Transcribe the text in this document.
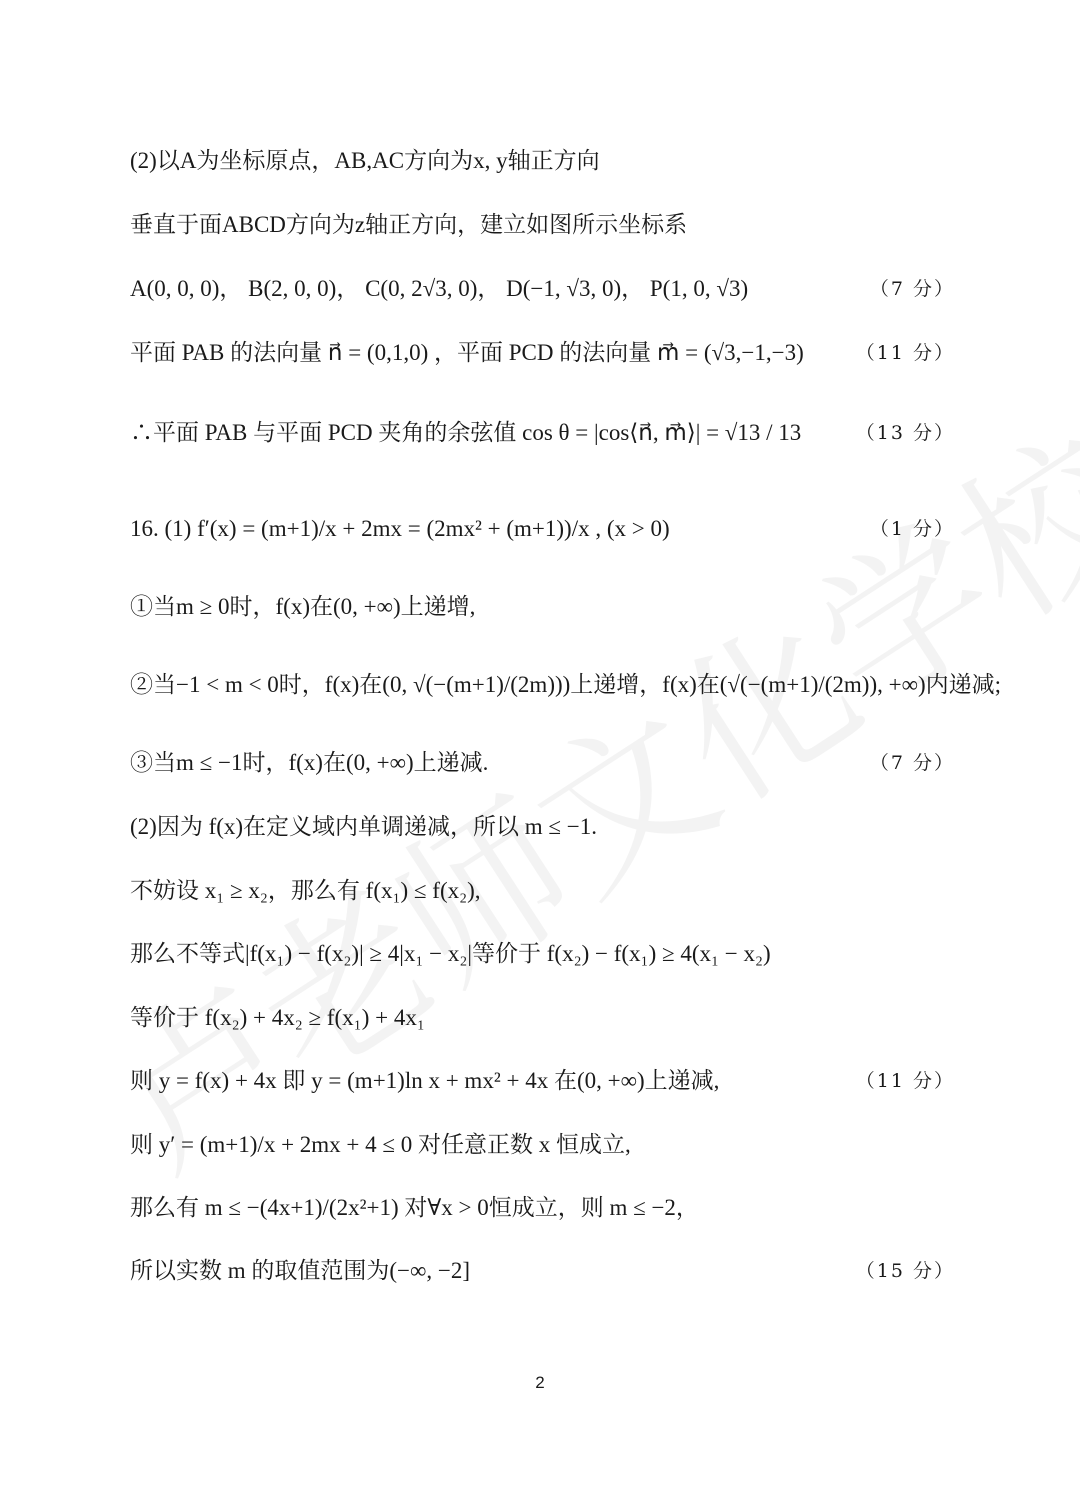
(2)以A为坐标原点，AB,AC方向为x, y轴正方向
垂直于面ABCD方向为z轴正方向，建立如图所示坐标系
A(0, 0, 0)， B(2, 0, 0)， C(0, 2√3, 0)， D(−1, √3, 0)， P(1, 0, √3)	（7 分）
平面 PAB 的法向量 n⃗ = (0,1,0) ，平面 PCD 的法向量 m⃗ = (√3,−1,−3)	（11 分）
∴平面 PAB 与平面 PCD 夹角的余弦值 cos θ = |cos⟨n⃗, m⃗⟩| = √13 / 13	（13 分）
16. (1) f′(x) = (m+1)/x + 2mx = (2mx² + (m+1))/x , (x > 0)	（1 分）
①当m ≥ 0时，f(x)在(0, +∞)上递增,
②当−1 < m < 0时，f(x)在(0, √(−(m+1)/(2m)))上递增，f(x)在(√(−(m+1)/(2m)), +∞)内递减;
③当m ≤ −1时，f(x)在(0, +∞)上递减.	（7 分）
(2)因为 f(x)在定义域内单调递减，所以 m ≤ −1.
不妨设 x₁ ≥ x₂，那么有 f(x₁) ≤ f(x₂),
那么不等式|f(x₁) − f(x₂)| ≥ 4|x₁ − x₂|等价于 f(x₂) − f(x₁) ≥ 4(x₁ − x₂)
等价于 f(x₂) + 4x₂ ≥ f(x₁) + 4x₁
则 y = f(x) + 4x 即 y = (m+1)ln x + mx² + 4x 在(0, +∞)上递减,	（11 分）
则 y′ = (m+1)/x + 2mx + 4 ≤ 0 对任意正数 x 恒成立,
那么有 m ≤ −(4x+1)/(2x²+1) 对∀x > 0恒成立，则 m ≤ −2，
所以实数 m 的取值范围为(−∞, −2]	（15 分）
2
